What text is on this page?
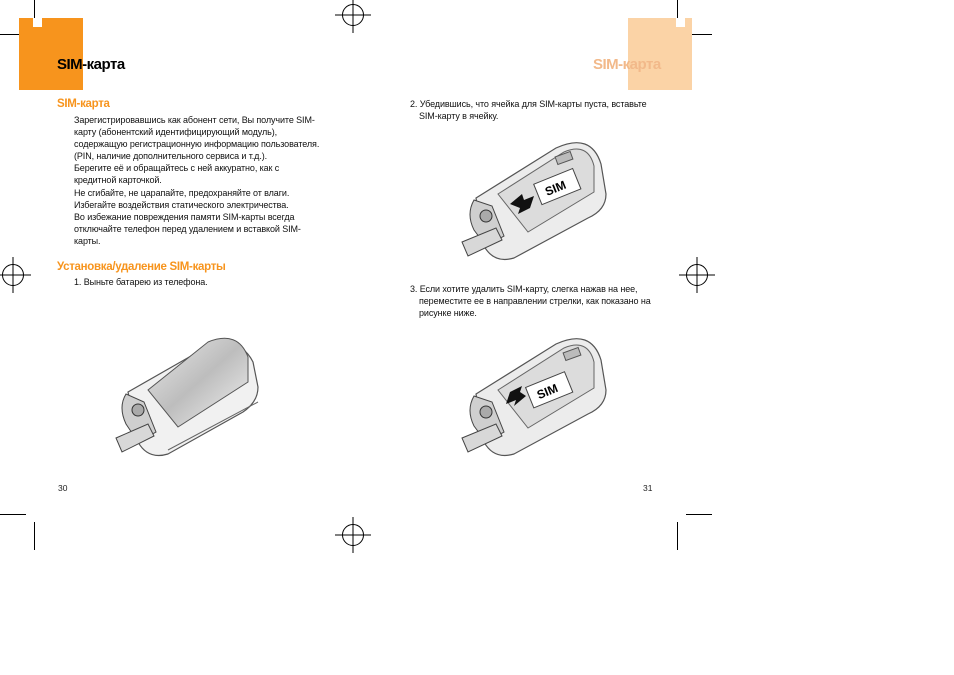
SIM-карта	SIM-карта
SIM-карта

Зарегистрировавшись как абонент сети, Вы получите SIM-

карту (абонентский идентифицирующий модуль),

содержащую регистрационную информацию пользователя.

(PIN, наличие дополнительного сервиса и т.д.).

Берегите её и обращайтесь с ней аккуратно, как с

кредитной карточкой.

Не сгибайте, не царапайте, предохраняйте от влаги.

Избегайте воздействия статического электричества.

Во избежание повреждения памяти SIM-карты всегда

отключайте телефон перед удалением и вставкой SIM-

карты.

Установка/удаление SIM-карты
1. Выньте батарею из телефона.
30

2. Убедившись, что ячейка для SIM-карты пуста, вставьте

SIM-карту в ячейку.

SIM

3. Если хотите удалить SIM-карту, слегка нажав на нее,

переместите ее в направлении стрелки, как показано на

рисунке ниже.

SIM
31
